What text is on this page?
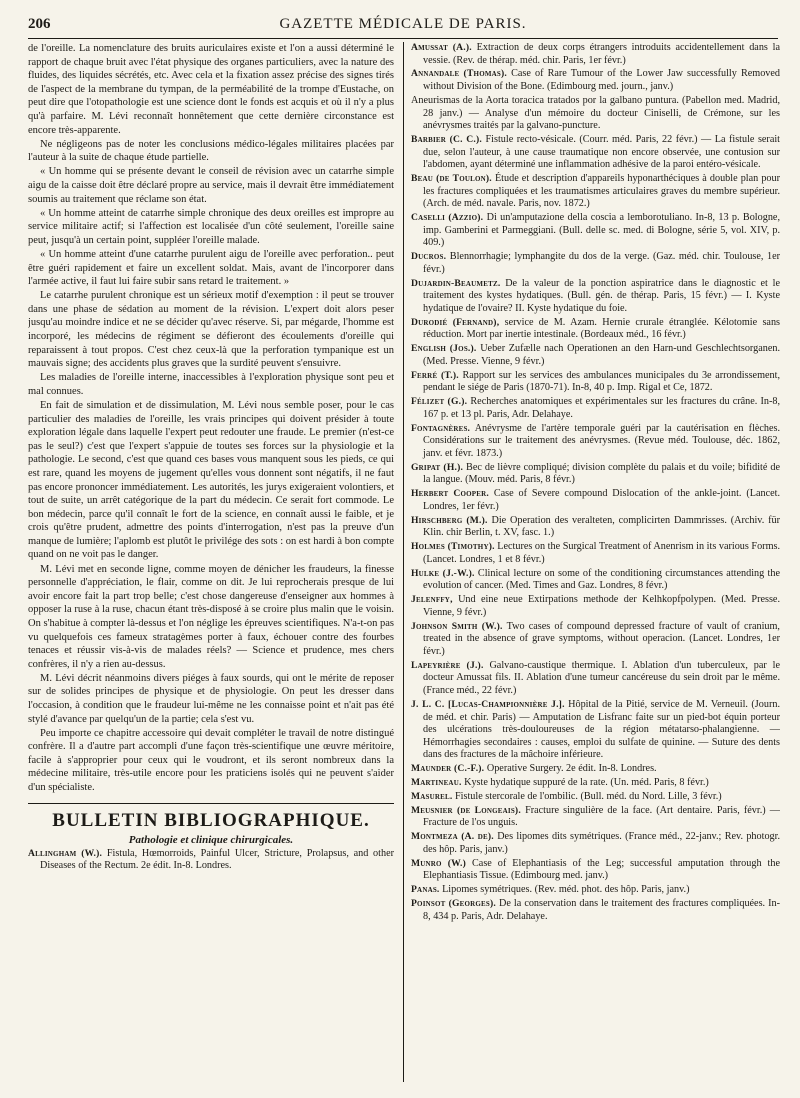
206	GAZETTE MÉDICALE DE PARIS.

de l'oreille. La nomenclature des bruits auriculaires existe et l'on a aussi déterminé le rapport de chaque bruit avec l'état physique des organes particuliers, avec la nature des fluides, des liquides sécrétés, etc. Avec cela et la fixation assez précise des signes tirés de l'aspect de la membrane du tympan, de la perméabilité de la trompe d'Eustache, on peut dire que l'otopathologie est une science dont le fonds est acquis et où il n'y a plus qu'à parfaire. M. Lévi reconnaît honnêtement que cette dernière circonstance est encore très-apparente.

Ne négligeons pas de noter les conclusions médico-légales militaires placées par l'auteur à la suite de chaque étude partielle.

« Un homme qui se présente devant le conseil de révision avec un catarrhe simple aigu de la caisse doit être déclaré propre au service, mais il devrait être immédiatement soumis au traitement que réclame son état.

« Un homme atteint de catarrhe simple chronique des deux oreilles est impropre au service militaire actif; si l'affection est localisée d'un côté seulement, l'oreille saine peut, jusqu'à un certain point, suppléer l'oreille malade.

« Un homme atteint d'une catarrhe purulent aigu de l'oreille avec perforation.. peut être guéri rapidement et faire un excellent soldat. Mais, avant de l'incorporer dans l'armée active, il faut lui faire subir sans retard le traitement. »

Le catarrhe purulent chronique est un sérieux motif d'exemption : il peut se trouver dans une phase de sédation au moment de la révision. L'expert doit alors peser jusqu'au moindre indice et ne se décider qu'avec réserve. Si, par mégarde, l'homme est incorporé, les médecins de régiment se défieront des écoulements d'oreille qui reparaissent à tout propos. C'est chez ceux-là que la perforation tympanique est un mauvais signe; des accidents plus graves que la surdité peuvent s'ensuivre.

Les maladies de l'oreille interne, inaccessibles à l'exploration physique sont peu et mal connues.

En fait de simulation et de dissimulation, M. Lévi nous semble poser, pour le cas particulier des maladies de l'oreille, les vrais principes qui doivent présider à toute exploration légale dans laquelle l'expert peut redouter une fraude. Le premier (n'est-ce pas le seul?) c'est que l'expert s'appuie de toutes ses forces sur la physiologie et la pathologie. Le second, c'est que quand ces bases vous manquent sous les pieds, ce qui est rare, quand les moyens de jugement qu'elles vous donnent sont négatifs, il ne faut pas encore prononcer immédiatement. Les autorités, les jurys exigeraient volontiers, et tout de suite, un arrêt catégorique de la part du médecin. Ce serait fort commode. Le bon médecin, parce qu'il connaît le fort de la science, en connaît aussi le faible, et je crois qu'être prudent, admettre des points d'interrogation, n'est pas la preuve d'un manque de lumière; l'aplomb est plutôt le privilége des sots : on est hardi à bon compte quand on ne voit pas le danger.

M. Lévi met en seconde ligne, comme moyen de dénicher les fraudeurs, la finesse personnelle d'appréciation, le flair, comme on dit. Je lui reprocherais presque de lui avoir encore fait la part trop belle; c'est chose dangereuse d'enseigner aux hommes à opposer la ruse à la ruse, chacun étant très-disposé à se croire plus malin que le voisin. On s'habitue à compter là-dessus et l'on néglige les épreuves scientifiques. N'a-t-on pas vu quelquefois ces fameux stratagèmes porter à faux, échouer contre des fourbes tenaces et réussir vis-à-vis de malades réels? — Science et prudence, mes chers confrères, il n'y a rien au-dessus.

M. Lévi décrit néanmoins divers piéges à faux sourds, qui ont le mérite de reposer sur de solides principes de physique et de physiologie. On peut les dresser dans l'occasion, à condition que le fraudeur lui-même ne les connaisse point et n'ait pas été stylé d'avance par quelqu'un de la partie; cela s'est vu.

Peu importe ce chapitre accessoire qui devait compléter le travail de notre distingué confrère. Il a d'autre part accompli d'une façon très-scientifique une œuvre méritoire, facile à s'approprier pour ceux qui le voudront, et ils seront nombreux dans la médecine militaire, très-utile encore pour les praticiens isolés qui ne peuvent s'aider d'un spécialiste.

BULLETIN BIBLIOGRAPHIQUE.
Pathologie et clinique chirurgicales.

Allingham (W.). Fistula, Hœmorroids, Painful Ulcer, Stricture, Prolapsus, and other Diseases of the Rectum. 2e édit. In-8. Londres.

Amussat (A.). Extraction de deux corps étrangers introduits accidentellement dans la vessie. (Rev. de thérap. méd. chir. Paris, 1er févr.)

Annandale (Thomas). Case of Rare Tumour of the Lower Jaw successfully Removed without Division of the Bone. (Edimbourg med. journ., janv.)

Aneurismas de la Aorta toracica tratados por la galbano puntura. (Pabellon med. Madrid, 28 janv.) — Analyse d'un mémoire du docteur Ciniselli, de Crémone, sur les anévrysmes traités par la galvano-puncture.

Barbier (C. C.). Fistule recto-vésicale. (Courr. méd. Paris, 22 févr.) — La fistule serait due, selon l'auteur, à une cause traumatique non encore observée, une contusion sur l'abdomen, ayant déterminé une inflammation adhésive de la paroi entéro-vésicale.

Beau (de Toulon). Étude et description d'appareils hyponarthéciques à double plan pour les fractures compliquées et les traumatismes articulaires graves du membre supérieur. (Arch. de méd. navale. Paris, nov. 1872.)

Caselli (Azzio). Di un'amputazione della coscia a lemborotuliano. In-8, 13 p. Bologne, imp. Gamberini et Parmeggiani. (Bull. delle sc. med. di Bologne, série 5, vol. XIV, p. 409.)

Ducros. Blennorrhagie; lymphangite du dos de la verge. (Gaz. méd. chir. Toulouse, 1er févr.)

Dujardin-Beaumetz. De la valeur de la ponction aspiratrice dans le diagnostic et le traitement des kystes hydatiques. (Bull. gén. de thérap. Paris, 15 févr.) — I. Kyste hydatique de l'ovaire? II. Kyste hydatique du foie.

Durodié (Fernand), service de M. Azam. Hernie crurale étranglée. Kélotomie sans réduction. Mort par inertie intestinale. (Bordeaux méd., 16 févr.)

English (Jos.). Ueber Zufælle nach Operationen an den Harn-und Geschlechtsorganen. (Med. Presse. Vienne, 9 févr.)

Ferré (T.). Rapport sur les services des ambulances municipales du 3e arrondissement, pendant le siége de Paris (1870-71). In-8, 40 p. Imp. Rigal et Ce, 1872.

Félizet (G.). Recherches anatomiques et expérimentales sur les fractures du crâne. In-8, 167 p. et 13 pl. Paris, Adr. Delahaye.

Fontagnères. Anévrysme de l'artère temporale guéri par la cautérisation en flèches. Considérations sur le traitement des anévrysmes. (Revue méd. Toulouse, déc. 1862, janv. et févr. 1873.)

Gripat (H.). Bec de lièvre compliqué; division complète du palais et du voile; bifidité de la langue. (Mouv. méd. Paris, 8 févr.)

Herbert Cooper. Case of Severe compound Dislocation of the ankle-joint. (Lancet. Londres, 1er févr.)

Hirschberg (M.). Die Operation des veralteten, complicirten Dammrisses. (Archiv. für Klin. chir Berlin, t. XV, fasc. 1.)

Holmes (Timothy). Lectures on the Surgical Treatment of Anenrism in its various Forms. (Lancet. Londres, 1 et 8 févr.)

Hulke (J.-W.). Clinical lecture on some of the conditioning circumstances attending the evolution of cancer. (Med. Times and Gaz. Londres, 8 févr.)

Jelenffy, Und eine neue Extirpations methode der Kelhkopfpolypen. (Med. Presse. Vienne, 9 févr.)

Johnson Smith (W.). Two cases of compound depressed fracture of vault of cranium, treated in the absence of grave symptoms, without operacion. (Lancet. Londres, 1er févr.)

Lapeyrière (J.). Galvano-caustique thermique. I. Ablation d'un tuberculeux, par le docteur Amussat fils. II. Ablation d'une tumeur cancéreuse du sein droit par le même. (France méd., 22 févr.)

J. L. C. [Lucas-Championnière J.]. Hôpital de la Pitié, service de M. Verneuil. (Journ. de méd. et chir. Paris) — Amputation de Lisfranc faite sur un pied-bot équin porteur des ulcérations très-douloureuses de la région métatarso-phalangienne. — Hémorrhagies secondaires : causes, emploi du sulfate de quinine. — Suture des dents dans des fractures de la mâchoire inférieure.

Maunder (C.-F.). Operative Surgery. 2e édit. In-8. Londres.

Martineau. Kyste hydatique suppuré de la rate. (Un. méd. Paris, 8 févr.)

Masurel. Fistule stercorale de l'ombilic. (Bull. méd. du Nord. Lille, 3 févr.)

Meusnier (de Longeais). Fracture singulière de la face. (Art dentaire. Paris, févr.) — Fracture de l'os unguis.

Montmeza (A. de). Des lipomes dits symétriques. (France méd., 22-janv.; Rev. photogr. des hôp. Paris, janv.)

Munro (W.) Case of Elephantiasis of the Leg; successful amputation through the Elephantiasis Tissue. (Edimbourg med. janv.)

Panas. Lipomes symétriques. (Rev. méd. phot. des hôp. Paris, janv.)

Poinsot (Georges). De la conservation dans le traitement des fractures compliquées. In-8, 434 p. Paris, Adr. Delahaye.
